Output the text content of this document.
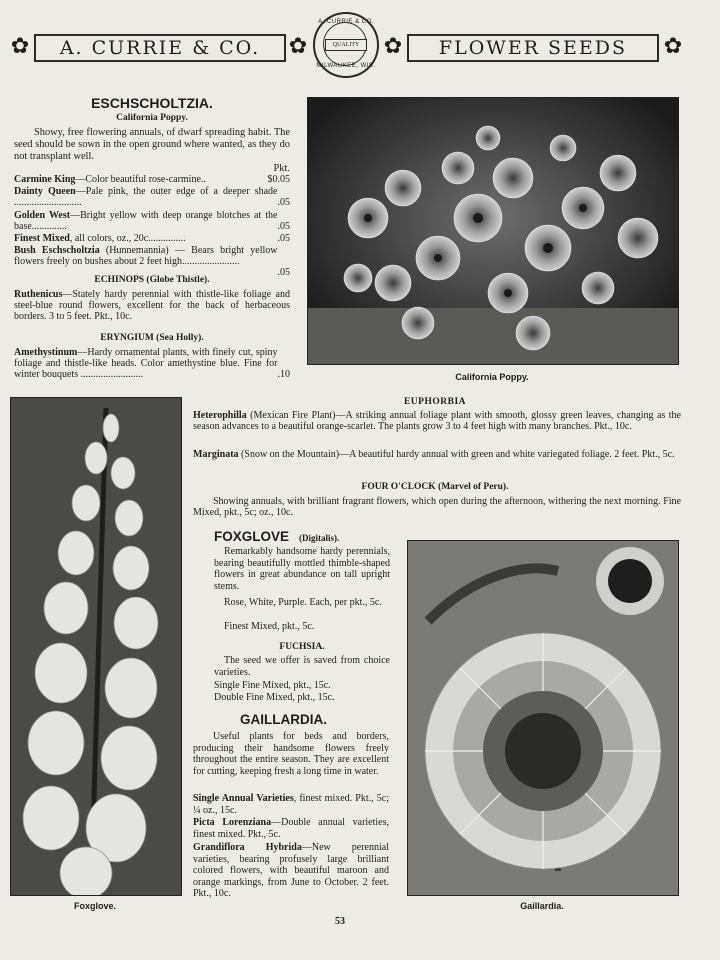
✿ A. CURRIE & CO. ✿
A. CURRIE & CO.
QUALITY
MILWAUKEE, WIS.
✿ FLOWER SEEDS ✿
ESCHSCHOLTZIA.
California Poppy.
Showy, free flowering annuals, of dwarf spreading habit. The seed should be sown in the open ground where wanted, as they do not transplant well.
Pkt.
$0.05
Carmine King—Color beautiful rose-carmine..
.05
Dainty Queen—Pale pink, the outer edge of a deeper shade ...........................
.05
Golden West—Bright yellow with deep orange blotches at the base..............
.05
Finest Mixed, all colors, oz., 20c...............
.05
Bush Eschscholtzia (Hunnemannia) — Bears bright yellow flowers freely on bushes about 2 feet high.......................
ECHINOPS (Globe Thistle).
Ruthenicus—Stately hardy perennial with thistle-like foliage and steel-blue round flowers, excellent for the back of herbaceous borders. 3 to 5 feet. Pkt., 10c.
ERYNGIUM (Sea Holly).
.10
Amethystinum—Hardy ornamental plants, with finely cut, spiny foliage and thistle-like heads. Color amethystine blue. Fine for winter bouquets .........................	California Poppy.
Foxglove.
EUPHORBIA
Heterophilla (Mexican Fire Plant)—A striking annual foliage plant with smooth, glossy green leaves, changing as the season advances to a beautiful orange-scarlet. The plants grow 3 to 4 feet high with many branches. Pkt., 10c.
Marginata (Snow on the Mountain)—A beautiful hardy annual with green and white variegated foliage. 2 feet. Pkt., 5c.
FOUR O'CLOCK (Marvel of Peru).
Showing annuals, with brilliant fragrant flowers, which open during the afternoon, withering the next morning. Fine Mixed, pkt., 5c; oz., 10c.
FOXGLOVE (Digitalis).
Remarkably handsome hardy perennials, bearing beautifully mottled thimble-shaped flowers in great abundance on tall upright stems.
Rose, White, Purple. Each, per pkt., 5c.
Finest Mixed, pkt., 5c.
FUCHSIA.
The seed we offer is saved from choice varieties.
Single Fine Mixed, pkt., 15c.
Double Fine Mixed, pkt., 15c.
GAILLARDIA.
Useful plants for beds and borders, producing their handsome flowers freely throughout the entire season. They are excellent for cutting, keeping fresh a long time in water.
Single Annual Varieties, finest mixed. Pkt., 5c; ¼ oz., 15c.
Picta Lorenziana—Double annual varieties, finest mixed. Pkt., 5c.
Grandiflora Hybrida—New perennial varieties, bearing profusely large brilliant colored flowers, with beautiful maroon and orange markings, from June to October. 2 feet. Pkt., 10c.
Gaillardia.
53
